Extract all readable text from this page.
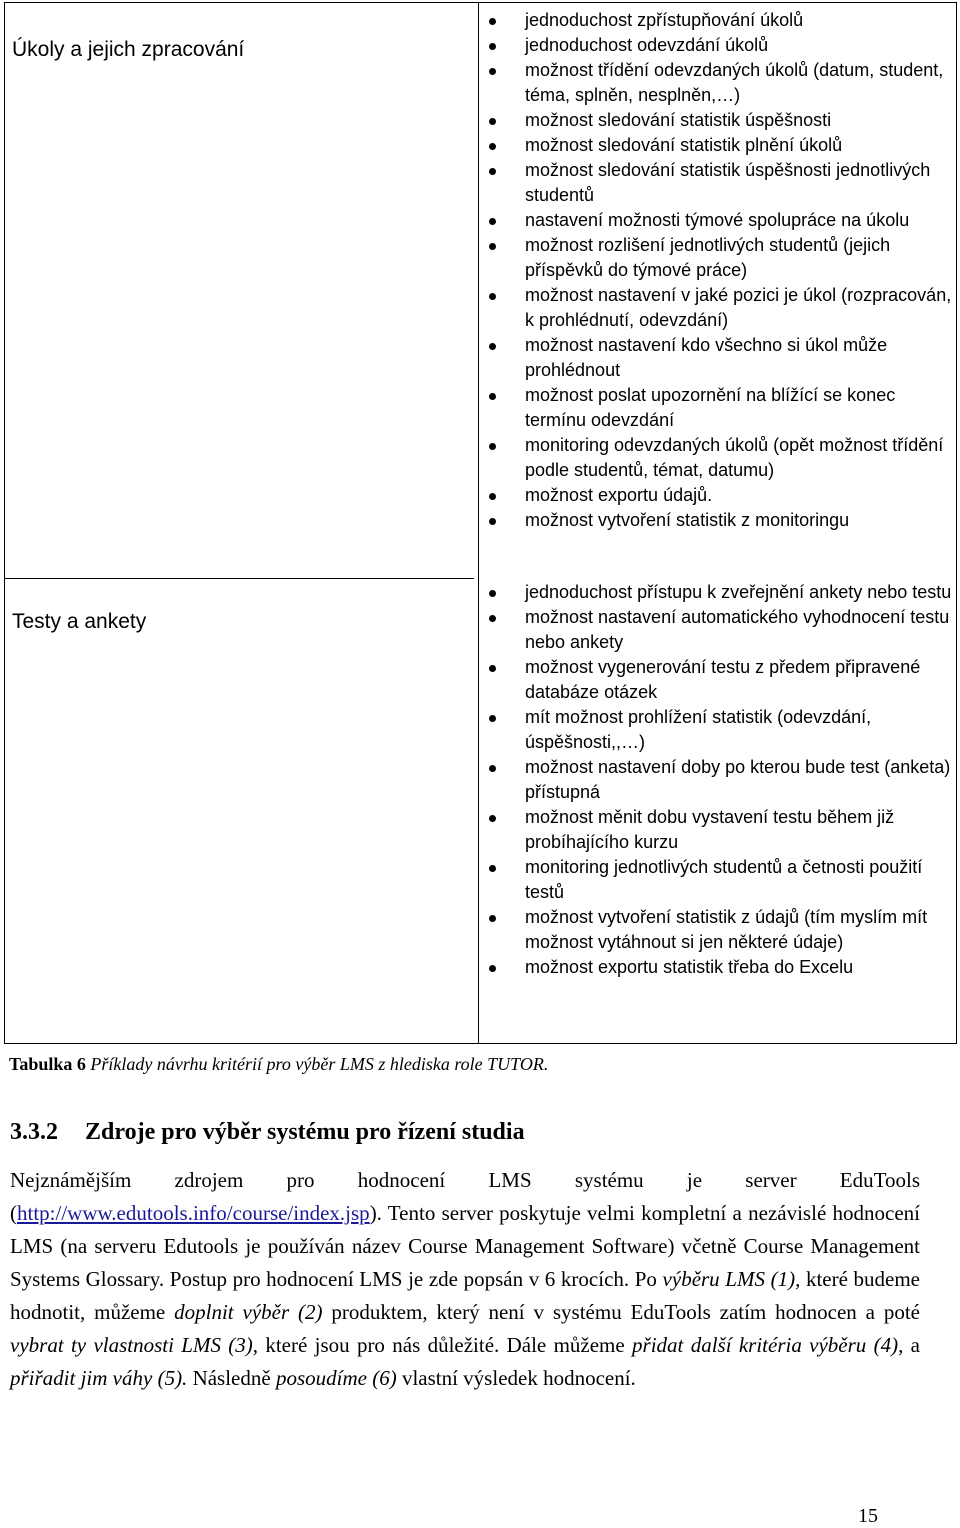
Úkoly a jejich zpracování
Testy a ankety
jednoduchost zpřístupňování úkolů
jednoduchost odevzdání úkolů
možnost třídění odevzdaných úkolů (datum, student, téma, splněn, nesplněn,…)
možnost sledování statistik úspěšnosti
možnost sledování statistik plnění úkolů
možnost sledování statistik úspěšnosti jednotlivých studentů
nastavení možnosti týmové spolupráce na úkolu
možnost rozlišení jednotlivých studentů (jejich příspěvků do týmové práce)
možnost nastavení v jaké pozici je úkol (rozpracován, k prohlédnutí, odevzdání)
možnost nastavení kdo všechno si úkol může prohlédnout
možnost poslat upozornění na blížící se konec termínu odevzdání
monitoring odevzdaných úkolů (opět možnost třídění podle studentů, témat, datumu)
možnost exportu údajů.
možnost vytvoření statistik z monitoringu
jednoduchost přístupu k zveřejnění ankety nebo testu
možnost nastavení automatického vyhodnocení testu nebo ankety
možnost vygenerování testu z předem připravené databáze otázek
mít možnost prohlížení statistik (odevzdání, úspěšnosti,,…)
možnost nastavení doby po kterou bude test (anketa) přístupná
možnost měnit dobu vystavení testu během již probíhajícího kurzu
monitoring jednotlivých studentů a četnosti použití testů
možnost vytvoření statistik z údajů (tím myslím mít možnost vytáhnout si jen některé údaje)
možnost exportu statistik třeba do Excelu
Tabulka 6 Příklady návrhu kritérií pro výběr LMS z hlediska role TUTOR.
3.3.2 Zdroje pro výběr systému pro řízení studia
Nejznámějším zdrojem pro hodnocení LMS systému je server EduTools (http://www.edutools.info/course/index.jsp). Tento server poskytuje velmi kompletní a nezávislé hodnocení LMS (na serveru Edutools je používán název Course Management Software) včetně Course Management Systems Glossary. Postup pro hodnocení LMS je zde popsán v 6 krocích. Po výběru LMS (1), které budeme hodnotit, můžeme doplnit výběr (2) produktem, který není v systému EduTools zatím hodnocen a poté vybrat ty vlastnosti LMS (3), které jsou pro nás důležité. Dále můžeme přidat další kritéria výběru (4), a přiřadit jim váhy (5). Následně posoudíme (6) vlastní výsledek hodnocení.
15
